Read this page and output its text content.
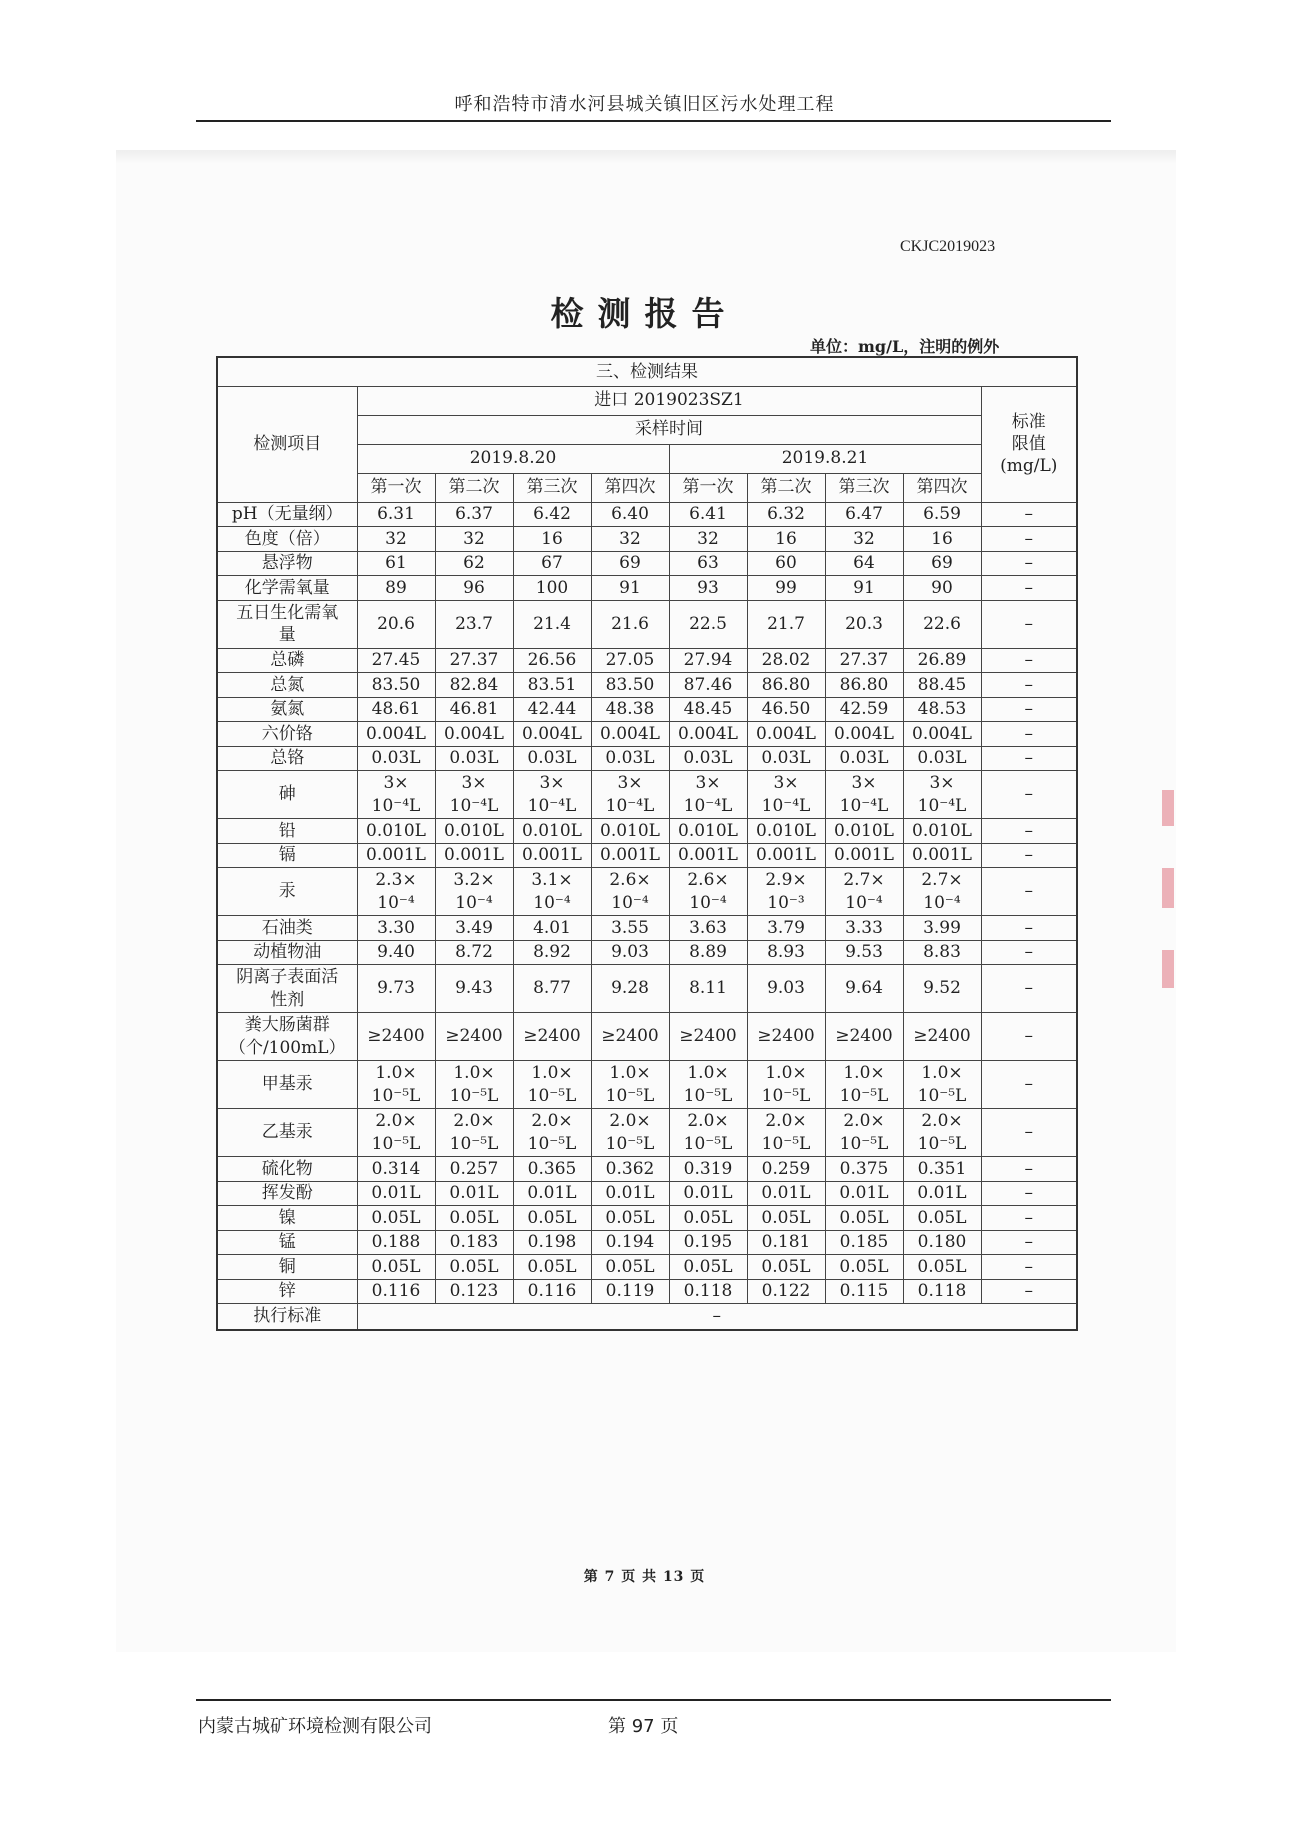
呼和浩特市清水河县城关镇旧区污水处理工程
CKJC2019023
检测报告
单位：mg/L，注明的例外
三、检测结果									
检测项目	进口 2019023SZ1								标准
限值
(mg/L)
	采样时间								
	2019.8.20				2019.8.21				
	第一次	第二次	第三次	第四次	第一次	第二次	第三次	第四次	
pH（无量纲）	6.31	6.37	6.42	6.40	6.41	6.32	6.47	6.59	–
色度（倍）	32	32	16	32	32	16	32	16	–
悬浮物	61	62	67	69	63	60	64	69	–
化学需氧量	89	96	100	91	93	99	91	90	–
五日生化需氧
量	20.6	23.7	21.4	21.6	22.5	21.7	20.3	22.6	–
总磷	27.45	27.37	26.56	27.05	27.94	28.02	27.37	26.89	–
总氮	83.50	82.84	83.51	83.50	87.46	86.80	86.80	88.45	–
氨氮	48.61	46.81	42.44	48.38	48.45	46.50	42.59	48.53	–
六价铬	0.004L	0.004L	0.004L	0.004L	0.004L	0.004L	0.004L	0.004L	–
总铬	0.03L	0.03L	0.03L	0.03L	0.03L	0.03L	0.03L	0.03L	–
砷	3×
10⁻⁴L	3×
10⁻⁴L	3×
10⁻⁴L	3×
10⁻⁴L	3×
10⁻⁴L	3×
10⁻⁴L	3×
10⁻⁴L	3×
10⁻⁴L	–
铅	0.010L	0.010L	0.010L	0.010L	0.010L	0.010L	0.010L	0.010L	–
镉	0.001L	0.001L	0.001L	0.001L	0.001L	0.001L	0.001L	0.001L	–
汞	2.3×
10⁻⁴	3.2×
10⁻⁴	3.1×
10⁻⁴	2.6×
10⁻⁴	2.6×
10⁻⁴	2.9×
10⁻³	2.7×
10⁻⁴	2.7×
10⁻⁴	–
石油类	3.30	3.49	4.01	3.55	3.63	3.79	3.33	3.99	–
动植物油	9.40	8.72	8.92	9.03	8.89	8.93	9.53	8.83	–
阴离子表面活
性剂	9.73	9.43	8.77	9.28	8.11	9.03	9.64	9.52	–
粪大肠菌群
（个/100mL）	≥2400	≥2400	≥2400	≥2400	≥2400	≥2400	≥2400	≥2400	–
甲基汞	1.0×
10⁻⁵L	1.0×
10⁻⁵L	1.0×
10⁻⁵L	1.0×
10⁻⁵L	1.0×
10⁻⁵L	1.0×
10⁻⁵L	1.0×
10⁻⁵L	1.0×
10⁻⁵L	–
乙基汞	2.0×
10⁻⁵L	2.0×
10⁻⁵L	2.0×
10⁻⁵L	2.0×
10⁻⁵L	2.0×
10⁻⁵L	2.0×
10⁻⁵L	2.0×
10⁻⁵L	2.0×
10⁻⁵L	–
硫化物	0.314	0.257	0.365	0.362	0.319	0.259	0.375	0.351	–
挥发酚	0.01L	0.01L	0.01L	0.01L	0.01L	0.01L	0.01L	0.01L	–
镍	0.05L	0.05L	0.05L	0.05L	0.05L	0.05L	0.05L	0.05L	–
锰	0.188	0.183	0.198	0.194	0.195	0.181	0.185	0.180	–
铜	0.05L	0.05L	0.05L	0.05L	0.05L	0.05L	0.05L	0.05L	–
锌	0.116	0.123	0.116	0.119	0.118	0.122	0.115	0.118	–
执行标准	–								
第 7 页 共 13 页
内蒙古城矿环境检测有限公司	第 97 页
